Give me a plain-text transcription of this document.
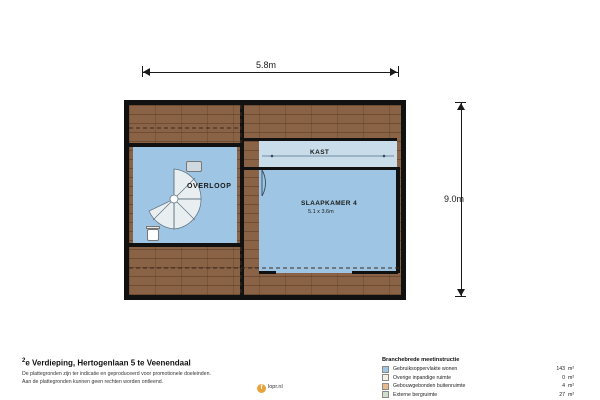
5.8m
9.0m
KAST
OVERLOOP
SLAAPKAMER 4
5.1 x 3.6m
$^2$e Verdieping, Hertogenlaan 5 te Veenendaal
De plattegronden zijn ter indicatie en geproduceerd voor promotionele doeleinden.
Aan de plattegronden kunnen geen rechten worden ontleend.
f	lopr.nl
Branchebrede meetinstructie
Gebruiksoppervlakte wonen	143 m²
Overige inpandige ruimte	0 m²
Gebouwgebonden buitenruimte	4 m²
Externe bergruimte	27 m²
